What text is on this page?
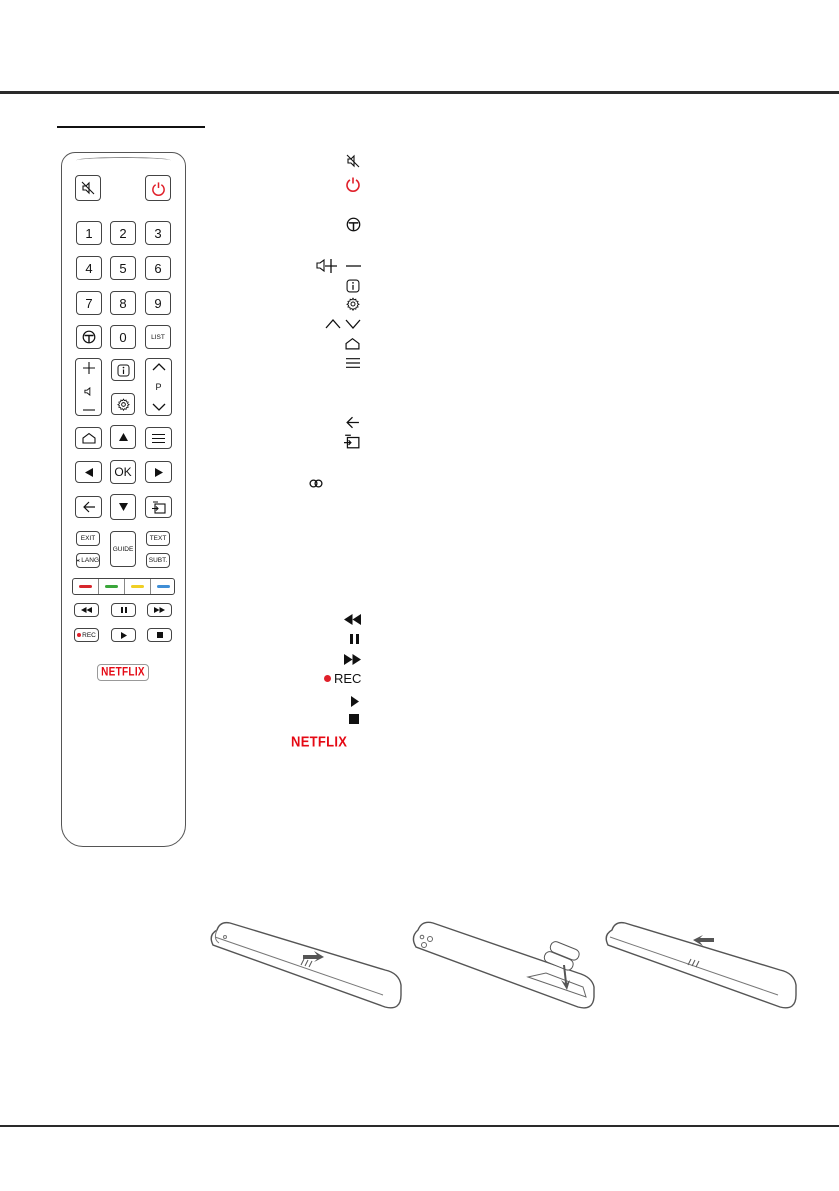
1	2	3
4	5	6
7	8	9
0	LIST
P
OK
EXIT
GUIDE
TEXT
LANG	SUBT.
REC
NETFLIX	REC
NETFLIX
